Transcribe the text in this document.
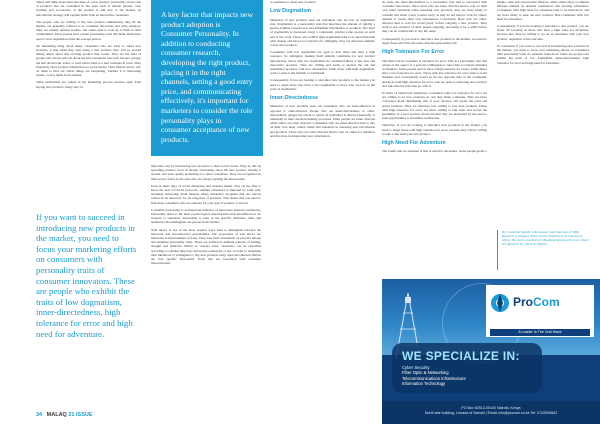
others will think about their purchase of a new product, particularly in the case of products that are consumed in the open such as mobile phones, cars, clothing and accessories. If the product is still new to the market, an introduction strategy will explain items from an innovative consumers.

The people, who are willing to buy new products immediately they hit the market, are generally referred to as consumer innovators and early adopters. They are usually opinion leaders, and others tend to look up to them in their communities. These people have certain personality traits that make them more open to new experiences than the average person.

An interesting thing about many consumers who are early to adopt new products, is that when they start using a new product, they will go around telling others about this exciting product they found. They see the field of people who always tell you about the new restaurant, new pub, the new garage, the new showroom, salon, or even where there is a new boutique in town. They frequently share product information on social media. Their friends tend to rely on them to find out where things are happening, whether it is interesting events, or new items in the market.

These individuals are valued in the marketing process because apart from buying new products, many stay on

If you want to succeed in introducing new products in the market, you need to focus your marketing efforts on consumers with personality traits of consumer innovators. These are people who exhibit the traits of low dogmatism, inner-directedness, high tolerance for error and high need for adventure.

A key factor that impacts new product adoption is Consumer Personality. In addition to conducting consumer research, developing the right product, placing it in the right channels, setting a good entry price, and communicating effectively, it's important for marketers to consider the role personality plays in consumer acceptance of new products.

important role by introducing new products to their social circles. They do this by spreading positive word of mouth; advertising about the new product, sharing it around, and even openly promoting it to other consumers. They are recognized by their social circles as the ones who are always spotting the latest trends.

Even in these days of social distancing and wearing masks, they are the first to know the new Covid-19 protocols, whether advertised or imposed by some rule, including interesting mask designs. Many marketers recognize that one person cannot be an innovator for all categories of products. This means that you need to find those consumers who are relevant for your type of product or service.

Consumer personality is an important indicator of innovative behavior tendencies. Personality refers to the inner psychological characteristics that determine how we respond to situations. Personality is seen in the specific attributes, traits and tendencies that distinguish one person from another.

Trait theory is one of the most popular ways used to distinguish between the innovator and non-innovator personalities. The proponents of trait theory are interested in measurement of traits. They base their assessment on people's unique and enduring personality traits. These are defined as habitual patterns of feeling, thought and behavior. Based on various traits, customers can be classified according to whether they have innovative tendencies or not, in order to determine their likelihood or willingness to buy new products early, upon introduction. Below are four specific Personality Traits that are associated with consumer innovativeness

or openness to adopt new products.

Low Dogmatism

Marketers of new products seek out customers who are low on dogmatism trait. Dogmatism is a personality trait that describes the amount of rigidity a person exhibits towards new and unfamiliar information or products. The level of dogmatism is measured along a continuum, placing some people on each end of the scale. Those who exhibit high dogmatism tend to be uncomfortable with change and have low tolerance for ambiguity, they are therefore unlikely to buy new products.

Consumers with low dogmatism are open to new ideas and have a high tolerance for ambiguity, making them suitable candidates for new product introduction. Those with low dogmatism are considered likely to buy new and innovative products. They are willing and ready to replace the old and established products with new alternatives while those with high dogmatism, want to stick to the familiar or traditional.

Consequently, if you are looking to introduce new products to the market you need to target those who have a low dogmatism or those who are low on the scale of dogmatism.

Inner-Directedness

Marketers of new products seek out consumers who are inner-directed as opposed to other-directed. People who are inner-directedness vs other-directedness, gauges the extent to which an individual is directed internally or externally in their decision-making processes. Inner people are inner directed while others are other directed. Consumers who are inner-directed tend to rely on their own inner values, belief and standards in assessing new information and products. Those who are other-directed tend to rely on others for guidance and direction in interpreting new information.

As such, the inner-directedness is a personality trait that is associated with consumer innovators. Since those who are inner directed tend to rely on their own inner standards when assessing new products, they are more likely to consider and adopt a new product early, as they do not need to wait for others' opinion or assess their own experiences. Conversely, those who are other-directed tend to wait for social proof, before adopting a new product. They want to see evidence of other people adopting, and using it for a while before they can be comfortable to buy the same.

Consequently, if you want to introduce new products to the market, you need to target those who have the inner-directed personality trait.

High Tolerance For Error

The third trait in consumer is tolerance for error. This is a personality trait that relates to the aspect of a person's willingness to take risks or tolerate mistakes or blunders. Some people tend to have a high tolerance for errors, while others have a low tolerance for error. Those with low tolerance for error tend to avoid mistakes and consequently would go for the opposite side of the continuum, and those with high tolerance for error, who are open to exploring new territory and welcome the risks that go with it.

In terms of behavioral tendencies, consumers with low tolerance for error are not willing to try new products, in case they make a mistake. They are more concerned about minimizing risk of poor choices, and prefer the tried and tested products. They are therefore less willing to buy new products. Those with high tolerance for error, are more willing to take risks and accept the possibility of a poor product choice because they are motivated by the need to seek opportunities to maximize satisfaction.

Therefore, if you are looking to introduce new products in the market, you need to target those with high tolerance for error, because they will be willing to take a risk with your new product.

High Need For Adventure

The fourth trait in consumer is that of need for adventure. Some people prefer a

simple, calm and conservative lifestyle, while others enjoy a complex lifestyle marked by unusual experiences and exciting adventures. Consumers with high need for adventure tend to be innovators, and are more likely to seek out new products than consumers with low need for adventure.

Consequently, if you are looking to introduce a new product, you are better off focusing on those who have a high value for adventure, because they may be willing to go on an adventure with your new product, regardless of the outcome.

In conclusion if you want to succeed in introducing new products in the market, you need to focus your marketing efforts on consumers with personality traits of consumer innovators. These are people who exhibit the traits of low dogmatism, inner-directedness, high tolerance for error and high need for adventure.

By: Catherine Njambi is the founder and Chairman of CBM Research, a company with a service footprint in 25 countries in Africa. She can be reached at C.Njambi@cbmresearch.co.ke. Email her, Research by Catherine Njambi
ProCom
A Leader In The Grid Wave
WE SPECIALIZE IN:
Cyber Security
Fiber Optic & Networking
Telecommunications Infrastructure
Information Technology
PO Box 52513-00100 Nairobi, Kenya
North star building, Lenana rd Nairobi | Email: info@procom.co.ke Tel: 0722009663
34 MALAQ 21 ISSUE
